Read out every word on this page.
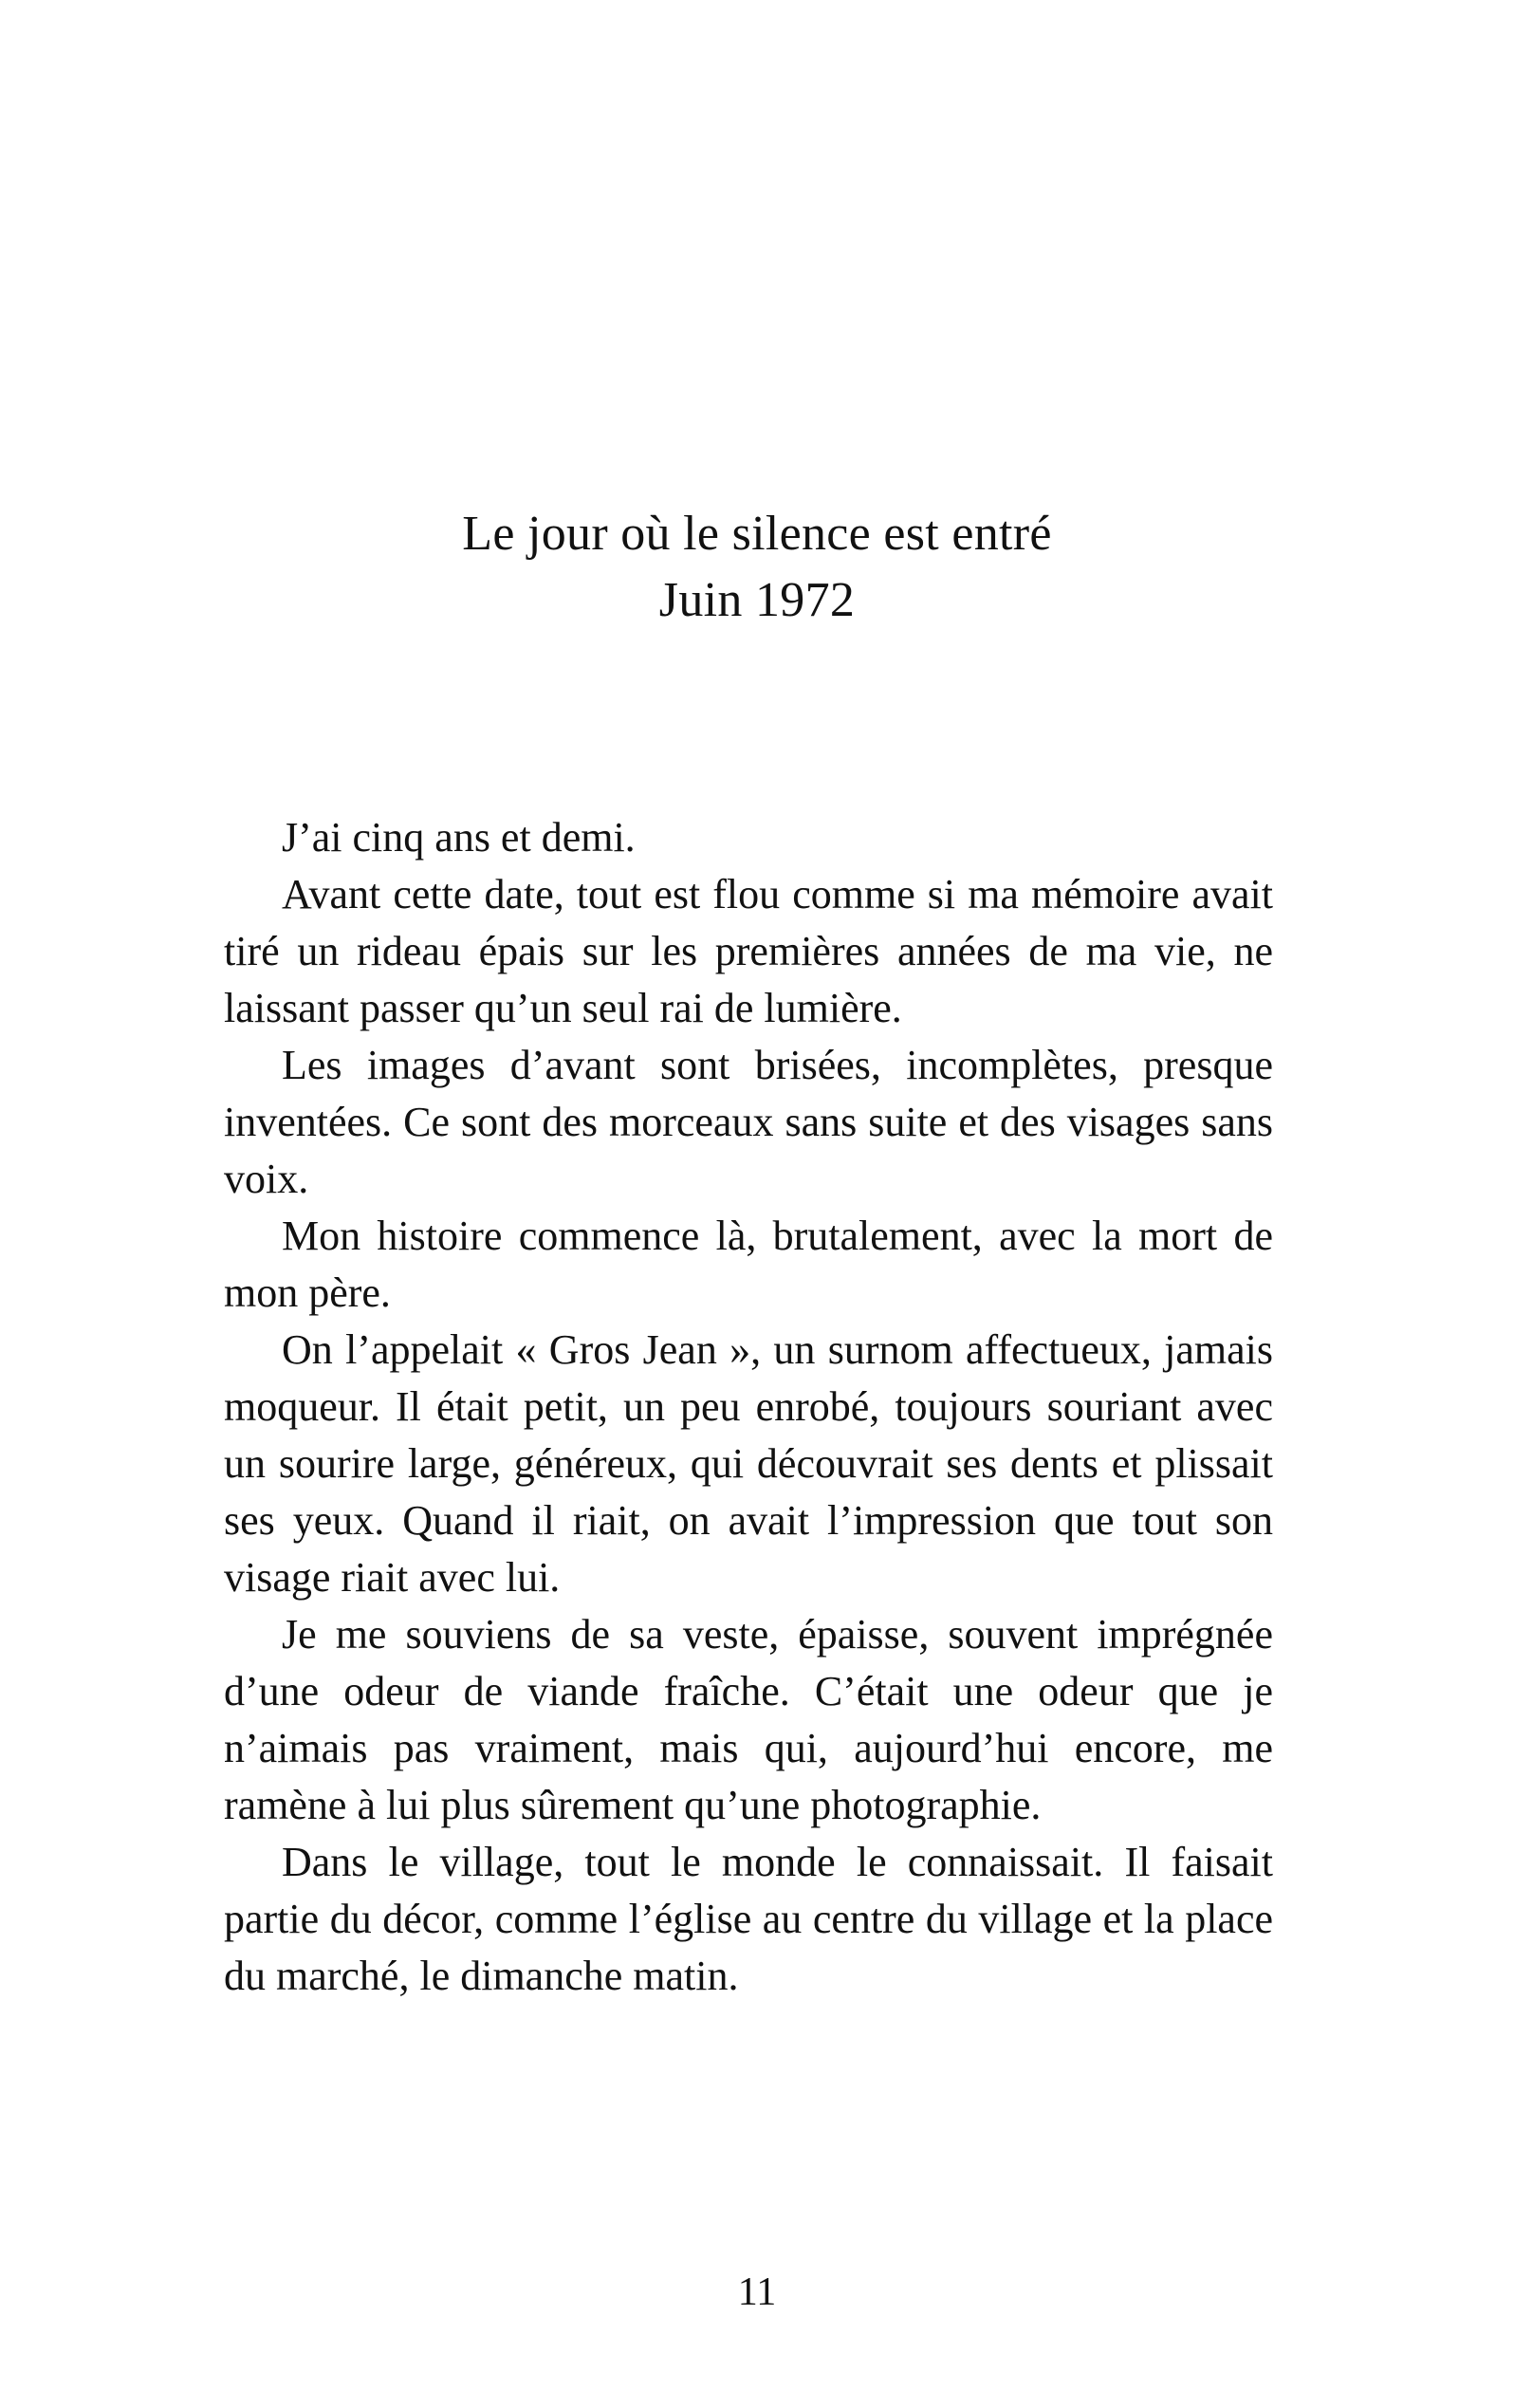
Le jour où le silence est entré
Juin 1972

J’ai cinq ans et demi.

Avant cette date, tout est flou comme si ma mémoire avait tiré un rideau épais sur les premières années de ma vie, ne laissant passer qu’un seul rai de lumière.

Les images d’avant sont brisées, incomplètes, presque inventées. Ce sont des morceaux sans suite et des visages sans voix.

Mon histoire commence là, brutalement, avec la mort de mon père.

On l’appelait « Gros Jean », un surnom affectueux, jamais moqueur. Il était petit, un peu enrobé, toujours souriant avec un sourire large, généreux, qui découvrait ses dents et plissait ses yeux. Quand il riait, on avait l’impression que tout son visage riait avec lui.

Je me souviens de sa veste, épaisse, souvent imprégnée d’une odeur de viande fraîche. C’était une odeur que je n’aimais pas vraiment, mais qui, aujourd’hui encore, me ramène à lui plus sûrement qu’une photographie.

Dans le village, tout le monde le connaissait. Il faisait partie du décor, comme l’église au centre du village et la place du marché, le dimanche matin.

11
